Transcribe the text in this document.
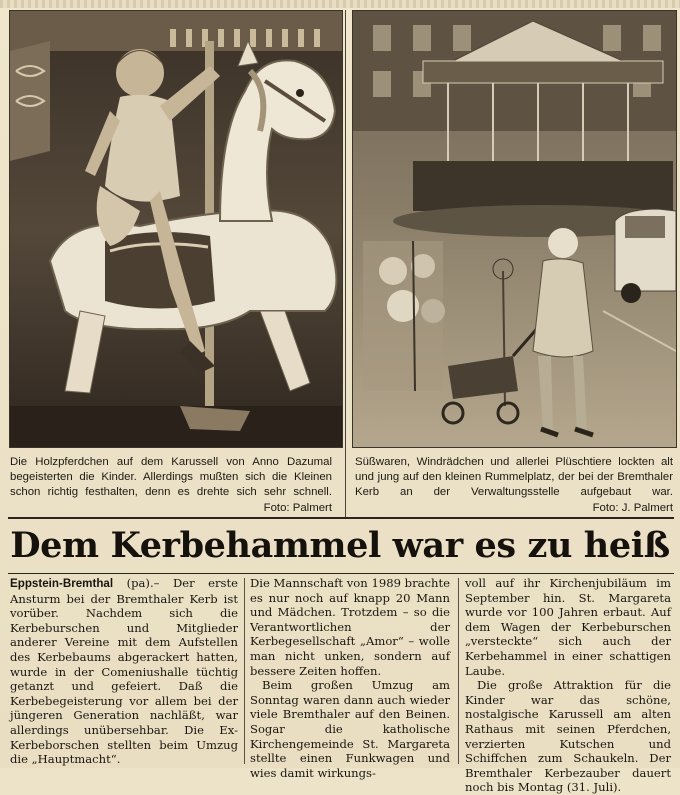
Die Holzpferdchen auf dem Karussell von Anno Dazumal begeisterten die Kinder. Allerdings mußten sich die Kleinen schon richtig festhalten, denn es drehte sich sehr schnell.
Foto: Palmert
Süßwaren, Windrädchen und allerlei Plüschtiere lockten alt und jung auf den kleinen Rummelplatz, der bei der Bremthaler Kerb an der Verwaltungsstelle aufgebaut war.
Foto: J. Palmert
Dem Kerbehammel war es zu heiß

Eppstein-Bremthal (pa).– Der erste Ansturm bei der Bremthaler Kerb ist vorüber. Nachdem sich die Kerbeburschen und Mitglieder anderer Vereine mit dem Aufstellen des Kerbebaums abgerackert hatten, wurde in der Comeniushalle tüchtig getanzt und gefeiert. Daß die Kerbebegeisterung vor allem bei der jüngeren Generation nachläßt, war allerdings unübersehbar. Die Ex-Kerbeborschen stellten beim Umzug die „Hauptmacht“.

Die Mannschaft von 1989 brachte es nur noch auf knapp 20 Mann und Mädchen. Trotzdem – so die Verantwortlichen der Kerbegesellschaft „Amor“ – wolle man nicht unken, sondern auf bessere Zeiten hoffen.

Beim großen Umzug am Sonntag waren dann auch wieder viele Bremthaler auf den Beinen. Sogar die katholische Kirchengemeinde St. Margareta stellte einen Funkwagen und wies damit wirkungs-

voll auf ihr Kirchenjubiläum im September hin. St. Margareta wurde vor 100 Jahren erbaut. Auf dem Wagen der Kerbeburschen „versteckte“ sich auch der Kerbehammel in einer schattigen Laube.

Die große Attraktion für die Kinder war das schöne, nostalgische Karussell am alten Rathaus mit seinen Pferdchen, verzierten Kutschen und Schiffchen zum Schaukeln. Der Bremthaler Kerbezauber dauert noch bis Montag (31. Juli).
